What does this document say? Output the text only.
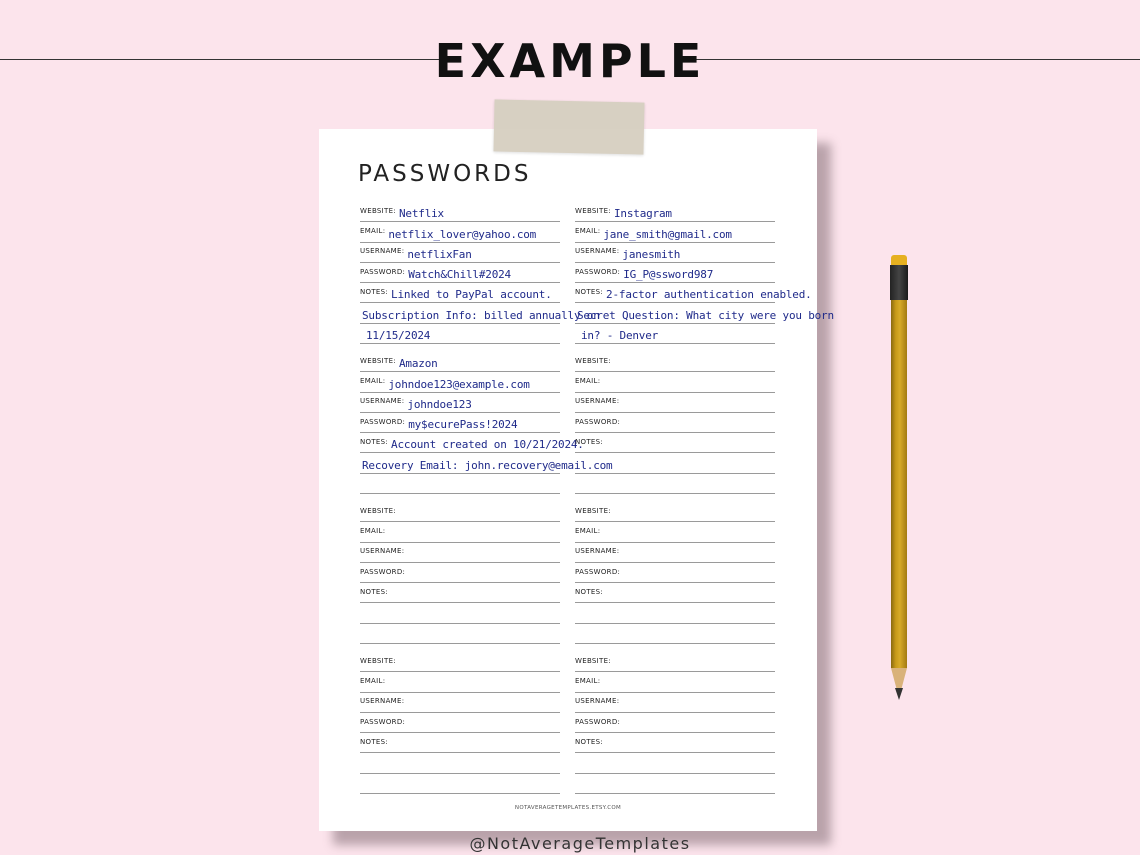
EXAMPLE
PASSWORDS
NOTAVERAGETEMPLATES.ETSY.COM
WEBSITE: Netflix
EMAIL: netflix_lover@yahoo.com
USERNAME: netflixFan
PASSWORD: Watch&Chill#2024
NOTES: Linked to PayPal account.
Subscription Info: billed annually on
11/15/2024
WEBSITE: Instagram
EMAIL: jane_smith@gmail.com
USERNAME: janesmith
PASSWORD: IG_P@ssword987
NOTES: 2-factor authentication enabled.
Secret Question: What city were you born
in? - Denver
WEBSITE: Amazon
EMAIL: johndoe123@example.com
USERNAME: johndoe123
PASSWORD: my$ecurePass!2024
NOTES: Account created on 10/21/2024.
Recovery Email: john.recovery@email.com
WEBSITE:
EMAIL:
USERNAME:
PASSWORD:
NOTES:
WEBSITE:
EMAIL:
USERNAME:
PASSWORD:
NOTES:
WEBSITE:
EMAIL:
USERNAME:
PASSWORD:
NOTES:
WEBSITE:
EMAIL:
USERNAME:
PASSWORD:
NOTES:
WEBSITE:
EMAIL:
USERNAME:
PASSWORD:
NOTES:
@NotAverageTemplates
